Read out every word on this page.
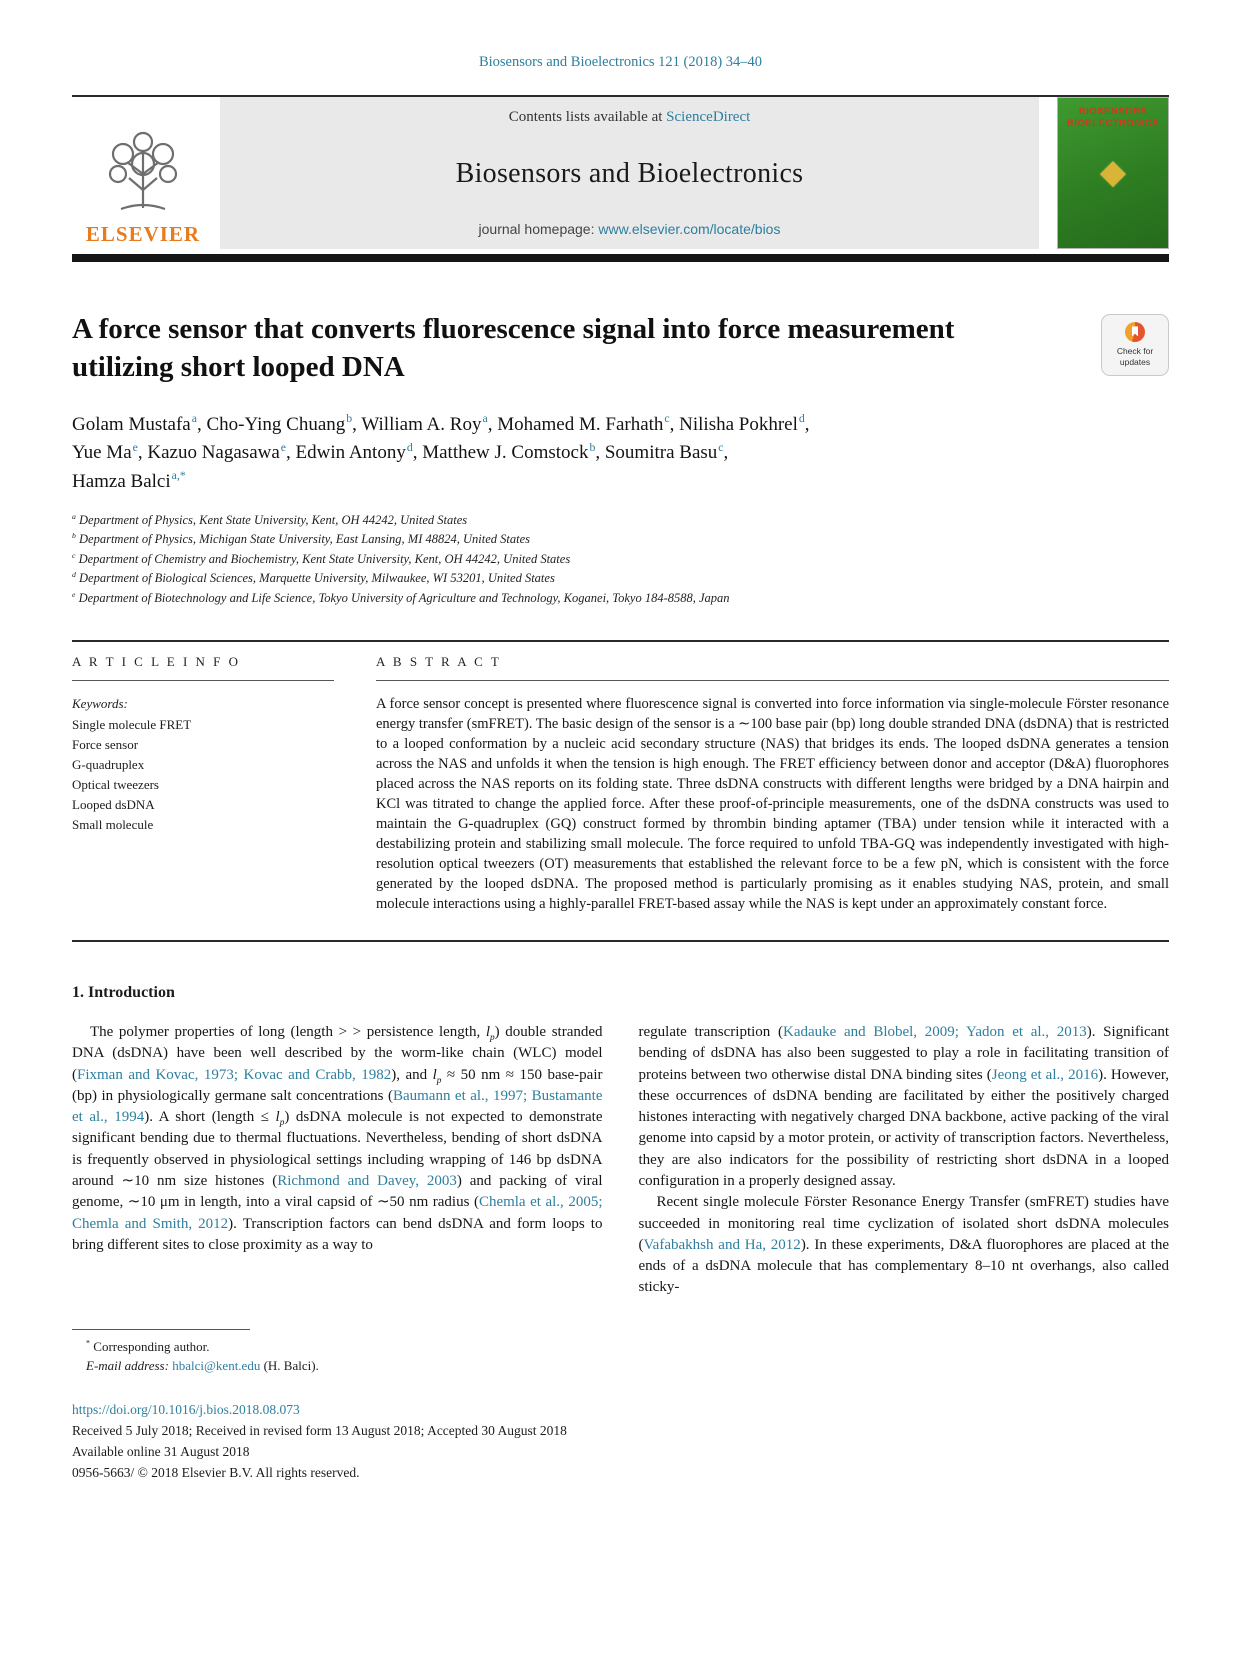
Biosensors and Bioelectronics 121 (2018) 34–40
ELSEVIER
Contents lists available at ScienceDirect
Biosensors and Bioelectronics
journal homepage: www.elsevier.com/locate/bios
BIOSENSORS
BIOELECTRONICS
◆
A force sensor that converts fluorescence signal into force measurement utilizing short looped DNA	Check for updates
Golam Mustafa$^a$, Cho-Ying Chuang$^b$, William A. Roy$^a$, Mohamed M. Farhath$^c$, Nilisha Pokhrel$^d$,
Yue Ma$^e$, Kazuo Nagasawa$^e$, Edwin Antony$^d$, Matthew J. Comstock$^b$, Soumitra Basu$^c$,
Hamza Balci$^{a,*}$
$^a$ Department of Physics, Kent State University, Kent, OH 44242, United States
$^b$ Department of Physics, Michigan State University, East Lansing, MI 48824, United States
$^c$ Department of Chemistry and Biochemistry, Kent State University, Kent, OH 44242, United States
$^d$ Department of Biological Sciences, Marquette University, Milwaukee, WI 53201, United States
$^e$ Department of Biotechnology and Life Science, Tokyo University of Agriculture and Technology, Koganei, Tokyo 184-8588, Japan
A R T I C L E I N F O
Keywords:
Single molecule FRET
Force sensor
G-quadruplex
Optical tweezers
Looped dsDNA
Small molecule
A B S T R A C T
A force sensor concept is presented where fluorescence signal is converted into force information via single-molecule Förster resonance energy transfer (smFRET). The basic design of the sensor is a ∼100 base pair (bp) long double stranded DNA (dsDNA) that is restricted to a looped conformation by a nucleic acid secondary structure (NAS) that bridges its ends. The looped dsDNA generates a tension across the NAS and unfolds it when the tension is high enough. The FRET efficiency between donor and acceptor (D&A) fluorophores placed across the NAS reports on its folding state. Three dsDNA constructs with different lengths were bridged by a DNA hairpin and KCl was titrated to change the applied force. After these proof-of-principle measurements, one of the dsDNA constructs was used to maintain the G-quadruplex (GQ) construct formed by thrombin binding aptamer (TBA) under tension while it interacted with a destabilizing protein and stabilizing small molecule. The force required to unfold TBA-GQ was independently investigated with high-resolution optical tweezers (OT) measurements that established the relevant force to be a few pN, which is consistent with the force generated by the looped dsDNA. The proposed method is particularly promising as it enables studying NAS, protein, and small molecule interactions using a highly-parallel FRET-based assay while the NAS is kept under an approximately constant force.
1. Introduction

The polymer properties of long (length > > persistence length, $l_p$) double stranded DNA (dsDNA) have been well described by the worm-like chain (WLC) model (Fixman and Kovac, 1973; Kovac and Crabb, 1982), and $l_p \approx 50$ nm ≈ 150 base-pair (bp) in physiologically germane salt concentrations (Baumann et al., 1997; Bustamante et al., 1994). A short (length ≤ $l_p$) dsDNA molecule is not expected to demonstrate significant bending due to thermal fluctuations. Nevertheless, bending of short dsDNA is frequently observed in physiological settings including wrapping of 146 bp dsDNA around ∼10 nm size histones (Richmond and Davey, 2003) and packing of viral genome, ∼10 μm in length, into a viral capsid of ∼50 nm radius (Chemla et al., 2005; Chemla and Smith, 2012). Transcription factors can bend dsDNA and form loops to bring different sites to close proximity as a way to

regulate transcription (Kadauke and Blobel, 2009; Yadon et al., 2013). Significant bending of dsDNA has also been suggested to play a role in facilitating transition of proteins between two otherwise distal DNA binding sites (Jeong et al., 2016). However, these occurrences of dsDNA bending are facilitated by either the positively charged histones interacting with negatively charged DNA backbone, active packing of the viral genome into capsid by a motor protein, or activity of transcription factors. Nevertheless, they are also indicators for the possibility of restricting short dsDNA in a looped configuration in a properly designed assay.

Recent single molecule Förster Resonance Energy Transfer (smFRET) studies have succeeded in monitoring real time cyclization of isolated short dsDNA molecules (Vafabakhsh and Ha, 2012). In these experiments, D&A fluorophores are placed at the ends of a dsDNA molecule that has complementary 8–10 nt overhangs, also called sticky-

* Corresponding author.
E-mail address: hbalci@kent.edu (H. Balci).
https://doi.org/10.1016/j.bios.2018.08.073
Received 5 July 2018; Received in revised form 13 August 2018; Accepted 30 August 2018
Available online 31 August 2018
0956-5663/ © 2018 Elsevier B.V. All rights reserved.
